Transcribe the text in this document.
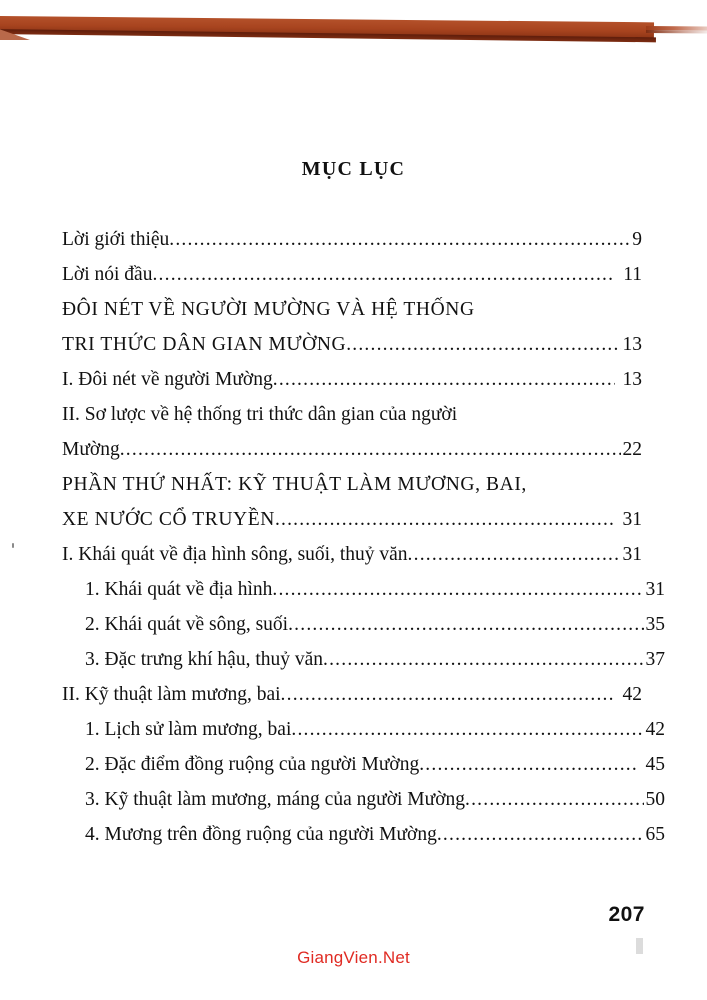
MỤC LỤC
Lời giới thiệu .....	9
Lời nói đầu .....	11
ĐÔI NÉT VỀ NGƯỜI MƯỜNG VÀ HỆ THỐNG
TRI THỨC DÂN GIAN MƯỜNG .....	13
I. Đôi nét về người Mường .....	13
II. Sơ lược về hệ thống tri thức dân gian của người
Mường .....	22
PHẦN THỨ NHẤT: KỸ THUẬT LÀM MƯƠNG, BAI,
XE NƯỚC CỔ TRUYỀN .....	31
I. Khái quát về địa hình sông, suối, thuỷ văn .....	31
1. Khái quát về địa hình .....	31
2. Khái quát về sông, suối .....	35
3. Đặc trưng khí hậu, thuỷ văn .....	37
II. Kỹ thuật làm mương, bai .....	42
1. Lịch sử làm mương, bai .....	42
2. Đặc điểm đồng ruộng của người Mường .....	45
3. Kỹ thuật làm mương, máng của người Mường .....	50
4. Mương trên đồng ruộng của người Mường .....	65
207
GiangVien.Net
